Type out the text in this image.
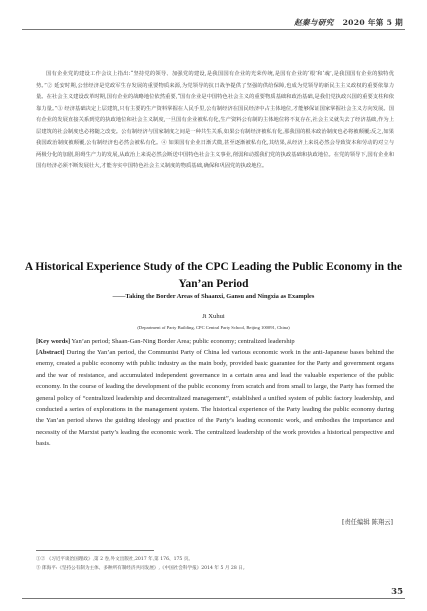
赵秦与研究 2020 年第 5 期
国有企业党的建设工作会议上指出:“坚持党的领导、加强党的建设,是我国国有企业的光荣传统,是国有企业的‘根’和‘魂’,是我国国有企业的独特优势。”② 延安时期,公营经济是党政军生存发展的重要物质来源,为党领导的抗日战争提供了坚强的供给保障,也成为党领导的新民主主义政权的重要依靠力量。在社会主义建设改革时期,国有企业的战略地位依然重要,“国有企业是中国特色社会主义的重要物质基础和政治基础,是我们党执政兴国的重要支柱和依靠力量。”③ 经济基础决定上层建筑,只有主要的生产资料掌握在人民手里,公有制经济在国民经济中占主体地位,才能够保证国家掌握社会主义方向发展。国有企业的发展直接关系到党的执政地位和社会主义制度,一旦国有企业被私有化,生产资料公有制的主体地位将不复存在,社会主义就失去了经济基础,作为上层建筑的社会制度也必将随之改变。公有制经济与国家制度之间是一种共生关系,如果公有制经济被私有化,那我国的根本政治制度也必将被颠覆;反之,如果我国政治制度被颠覆,公有制经济也必然会被私有化。④ 如果国有企业日渐式微,甚至逐渐被私有化,其结果,从经济上来说必然会导致资本和劳动的对立与两极分化的加剧,阻碍生产力的发展,从政治上来说必然会断送中国特色社会主义事业,削弱和动摇我们党的执政基础和执政地位。在党的领导下,国有企业和国有经济必须不断发展壮大,才能夯实中国特色社会主义制度的物质基础,确保和巩固党的执政地位。
A Historical Experience Study of the CPC Leading the Public Economy in the Yan’an Period
——Taking the Border Areas of Shaanxi, Gansu and Ningxia as Examples
Ji Xuhui
(Department of Party Building, CPC Central Party School, Beijing 100091, China)
[Key words] Yan’an period; Shaan-Gan-Ning Border Area; public economy; centralized leadership
[Abstract] During the Yan’an period, the Communist Party of China led various economic work in the anti-Japanese bases behind the enemy, created a public economy with public industry as the main body, provided basic guarantee for the Party and government organs and the war of resistance, and accumulated independent governance in a certain area and lead the valuable experience of the public economy. In the course of leading the development of the public economy from scratch and from small to large, the Party has formed the general policy of “centralized leadership and decentralized management”, established a unified system of public factory leadership, and conducted a series of explorations in the management system. The historical experience of the Party leading the public economy during the Yan’an period shows the guiding ideology and practice of the Party’s leading economic work, and embodies the importance and necessity of the Marxist party’s leading the economic work. The centralized leadership of the work provides a historical perspective and basis.
[责任编辑 陈翔云]
①② 《习近平谈治国理政》,第 2 卷,外文出版社,2017 年,第 176、175 页。
③ 郎海平:《坚持公有制为主体、多种所有制经济共同发展》,《中国社会科学报》2014 年 5 月 28 日。
35
